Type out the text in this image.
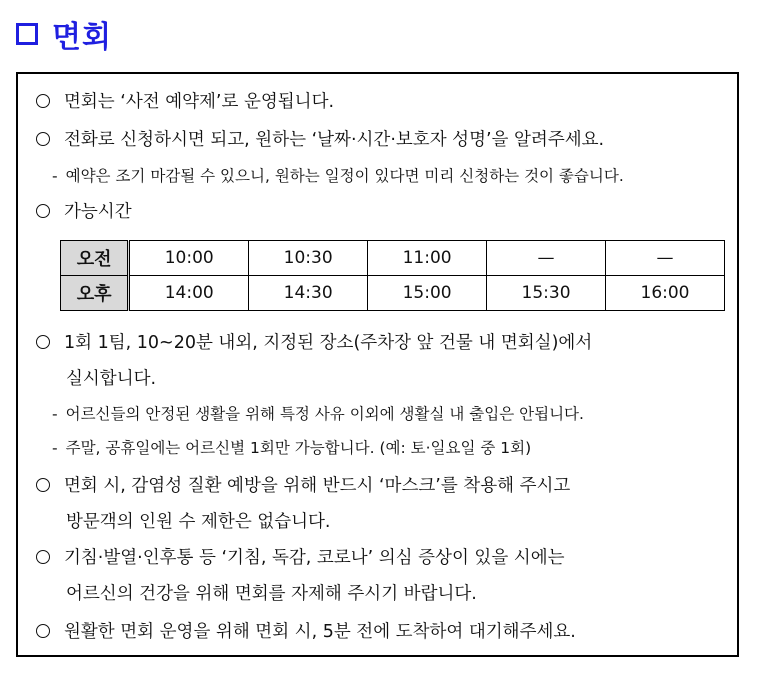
면회
면회는 ‘사전 예약제’로 운영됩니다.
전화로 신청하시면 되고, 원하는 ‘날짜·시간·보호자 성명’을 알려주세요.
- 예약은 조기 마감될 수 있으니, 원하는 일정이 있다면 미리 신청하는 것이 좋습니다.
가능시간
오전	10:00	10:30	11:00	—	—
오후	14:00	14:30	15:00	15:30	16:00
1회 1팀, 10~20분 내외, 지정된 장소(주차장 앞 건물 내 면회실)에서
실시합니다.
- 어르신들의 안정된 생활을 위해 특정 사유 이외에 생활실 내 출입은 안됩니다.
- 주말, 공휴일에는 어르신별 1회만 가능합니다. (예: 토·일요일 중 1회)
면회 시, 감염성 질환 예방을 위해 반드시 ‘마스크’를 착용해 주시고
방문객의 인원 수 제한은 없습니다.
기침·발열·인후통 등 ‘기침, 독감, 코로나’ 의심 증상이 있을 시에는
어르신의 건강을 위해 면회를 자제해 주시기 바랍니다.
원활한 면회 운영을 위해 면회 시, 5분 전에 도착하여 대기해주세요.
